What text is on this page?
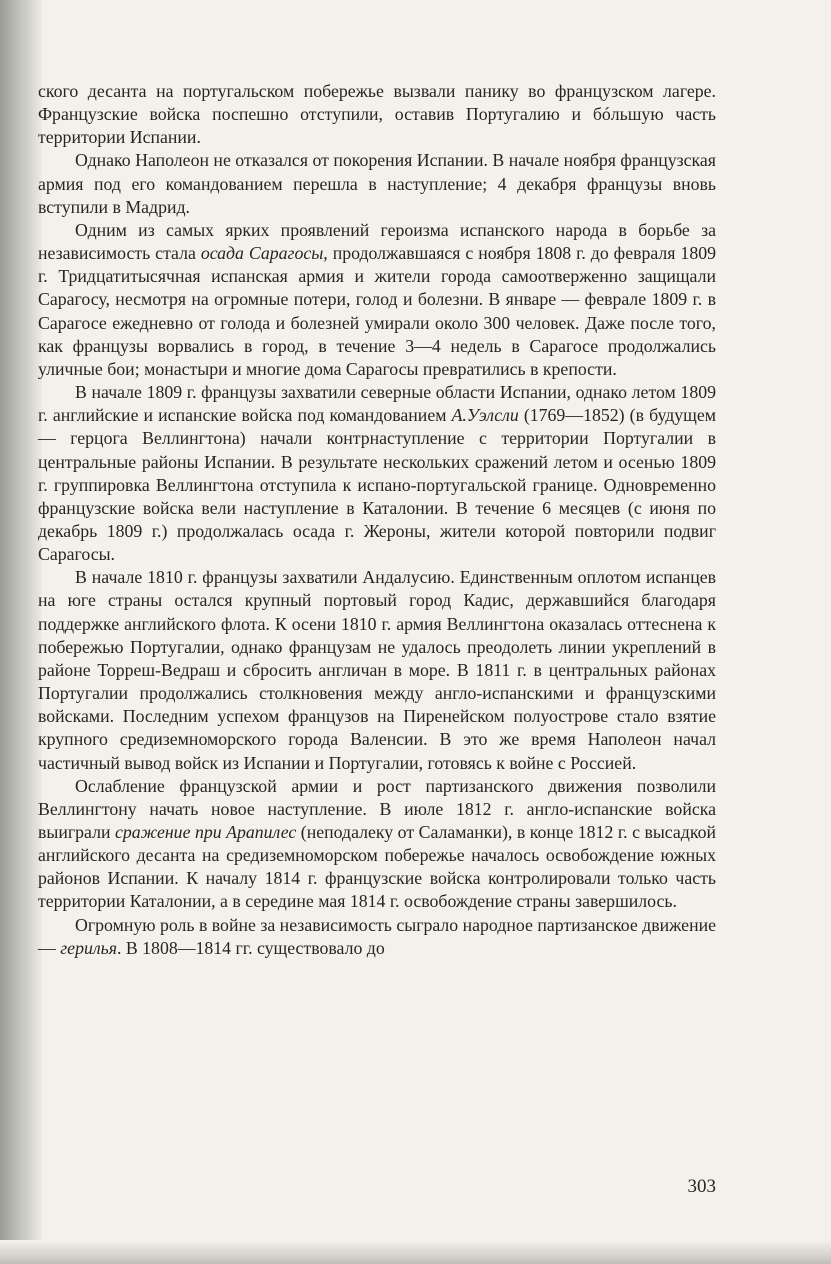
ского десанта на португальском побережье вызвали панику во французском лагере. Французские войска поспешно отступили, оставив Португалию и бóльшую часть территории Испании.

Однако Наполеон не отказался от покорения Испании. В начале ноября французская армия под его командованием перешла в наступление; 4 декабря французы вновь вступили в Мадрид.

Одним из самых ярких проявлений героизма испанского народа в борьбе за независимость стала осада Сарагосы, продолжавшаяся с ноября 1808 г. до февраля 1809 г. Тридцатитысячная испанская армия и жители города самоотверженно защищали Сарагосу, несмотря на огромные потери, голод и болезни. В январе — феврале 1809 г. в Сарагосе ежедневно от голода и болезней умирали около 300 человек. Даже после того, как французы ворвались в город, в течение 3—4 недель в Сарагосе продолжались уличные бои; монастыри и многие дома Сарагосы превратились в крепости.

В начале 1809 г. французы захватили северные области Испании, однако летом 1809 г. английские и испанские войска под командованием А.Уэлсли (1769—1852) (в будущем — герцога Веллингтона) начали контрнаступление с территории Португалии в центральные районы Испании. В результате нескольких сражений летом и осенью 1809 г. группировка Веллингтона отступила к испано-португальской границе. Одновременно французские войска вели наступление в Каталонии. В течение 6 месяцев (с июня по декабрь 1809 г.) продолжалась осада г. Жероны, жители которой повторили подвиг Сарагосы.

В начале 1810 г. французы захватили Андалусию. Единственным оплотом испанцев на юге страны остался крупный портовый город Кадис, державшийся благодаря поддержке английского флота. К осени 1810 г. армия Веллингтона оказалась оттеснена к побережью Португалии, однако французам не удалось преодолеть линии укреплений в районе Торреш-Ведраш и сбросить англичан в море. В 1811 г. в центральных районах Португалии продолжались столкновения между англо-испанскими и французскими войсками. Последним успехом французов на Пиренейском полуострове стало взятие крупного средиземноморского города Валенсии. В это же время Наполеон начал частичный вывод войск из Испании и Португалии, готовясь к войне с Россией.

Ослабление французской армии и рост партизанского движения позволили Веллингтону начать новое наступление. В июле 1812 г. англо-испанские войска выиграли сражение при Арапилес (неподалеку от Саламанки), в конце 1812 г. с высадкой английского десанта на средиземноморском побережье началось освобождение южных районов Испании. К началу 1814 г. французские войска контролировали только часть территории Каталонии, а в середине мая 1814 г. освобождение страны завершилось.

Огромную роль в войне за независимость сыграло народное партизанское движение — герилья. В 1808—1814 гг. существовало до

303
